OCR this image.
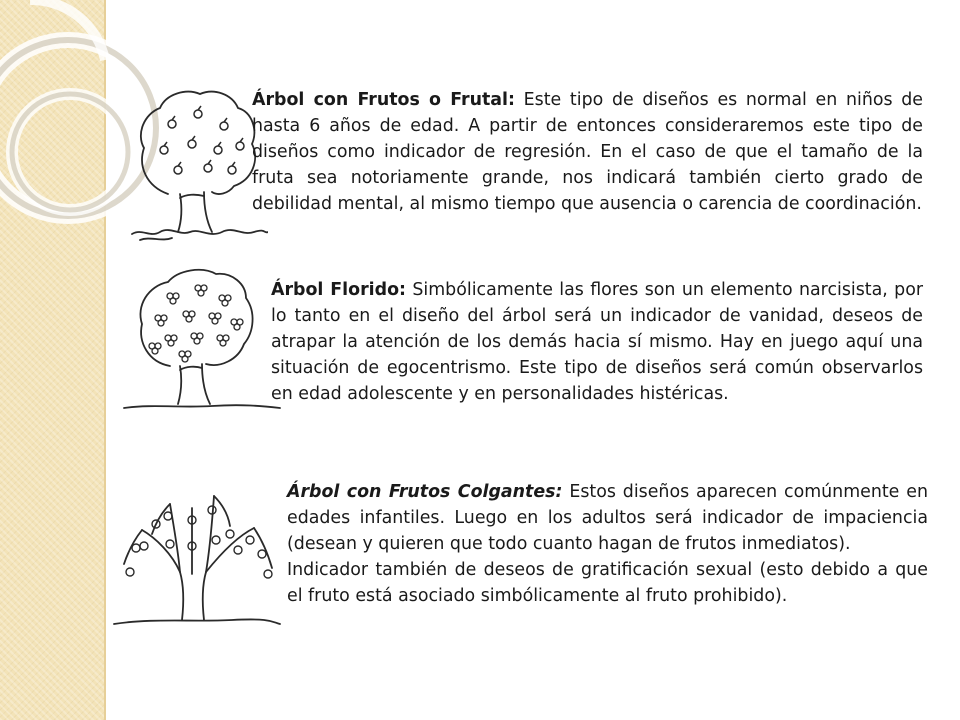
Árbol con Frutos o Frutal: Este tipo de diseños es normal en niños de hasta 6 años de edad. A partir de entonces consideraremos este tipo de diseños como indicador de regresión. En el caso de que el tamaño de la fruta sea notoriamente grande, nos indicará también cierto grado de debilidad mental, al mismo tiempo que ausencia o carencia de coordinación.

Árbol Florido: Simbólicamente las flores son un elemento narcisista, por lo tanto en el diseño del árbol será un indicador de vanidad, deseos de atrapar la atención de los demás hacia sí mismo. Hay en juego aquí una situación de egocentrismo. Este tipo de diseños será común observarlos en edad adolescente y en personalidades histéricas.

Árbol con Frutos Colgantes: Estos diseños aparecen comúnmente en edades infantiles. Luego en los adultos será indicador de impaciencia (desean y quieren que todo cuanto hagan de frutos inmediatos).
Indicador también de deseos de gratificación sexual (esto debido a que el fruto está asociado simbólicamente al fruto prohibido).
